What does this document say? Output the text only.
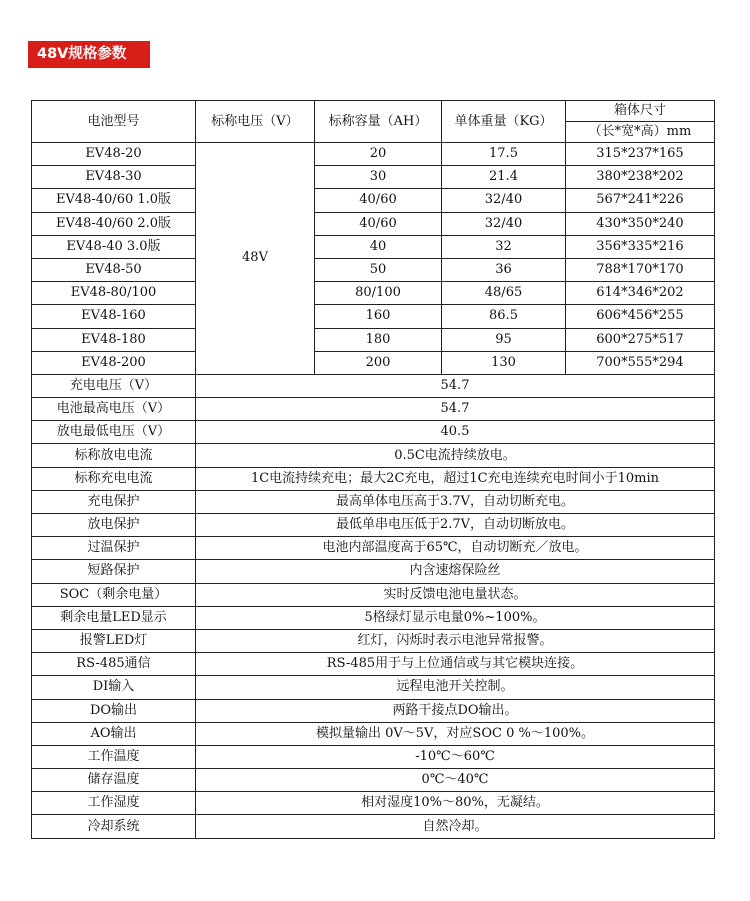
48V规格参数
电池型号	标称电压（V）	标称容量（AH）	单体重量（KG）	箱体尺寸
				（长*宽*高）mm
EV48-20	48V	20	17.5	315*237*165
EV48-30		30	21.4	380*238*202
EV48-40/60 1.0版		40/60	32/40	567*241*226
EV48-40/60 2.0版		40/60	32/40	430*350*240
EV48-40 3.0版		40	32	356*335*216
EV48-50		50	36	788*170*170
EV48-80/100		80/100	48/65	614*346*202
EV48-160		160	86.5	606*456*255
EV48-180		180	95	600*275*517
EV48-200		200	130	700*555*294
充电电压（V）	54.7			
电池最高电压（V）	54.7			
放电最低电压（V）	40.5			
标称放电电流	0.5C电流持续放电。			
标称充电电流	1C电流持续充电；最大2C充电，超过1C充电连续充电时间小于10min			
充电保护	最高单体电压高于3.7V，自动切断充电。			
放电保护	最低单串电压低于2.7V，自动切断放电。			
过温保护	电池内部温度高于65℃，自动切断充／放电。			
短路保护	内含速熔保险丝			
SOC（剩余电量）	实时反馈电池电量状态。			
剩余电量LED显示	5格绿灯显示电量0%~100%。			
报警LED灯	红灯，闪烁时表示电池异常报警。			
RS-485通信	RS-485用于与上位通信或与其它模块连接。			
DI输入	远程电池开关控制。			
DO输出	两路干接点DO输出。			
AO输出	模拟量输出 0V～5V，对应SOC 0 %～100%。			
工作温度	-10℃～60℃			
储存温度	0℃～40℃			
工作湿度	相对湿度10%～80%，无凝结。			
冷却系统	自然冷却。			
